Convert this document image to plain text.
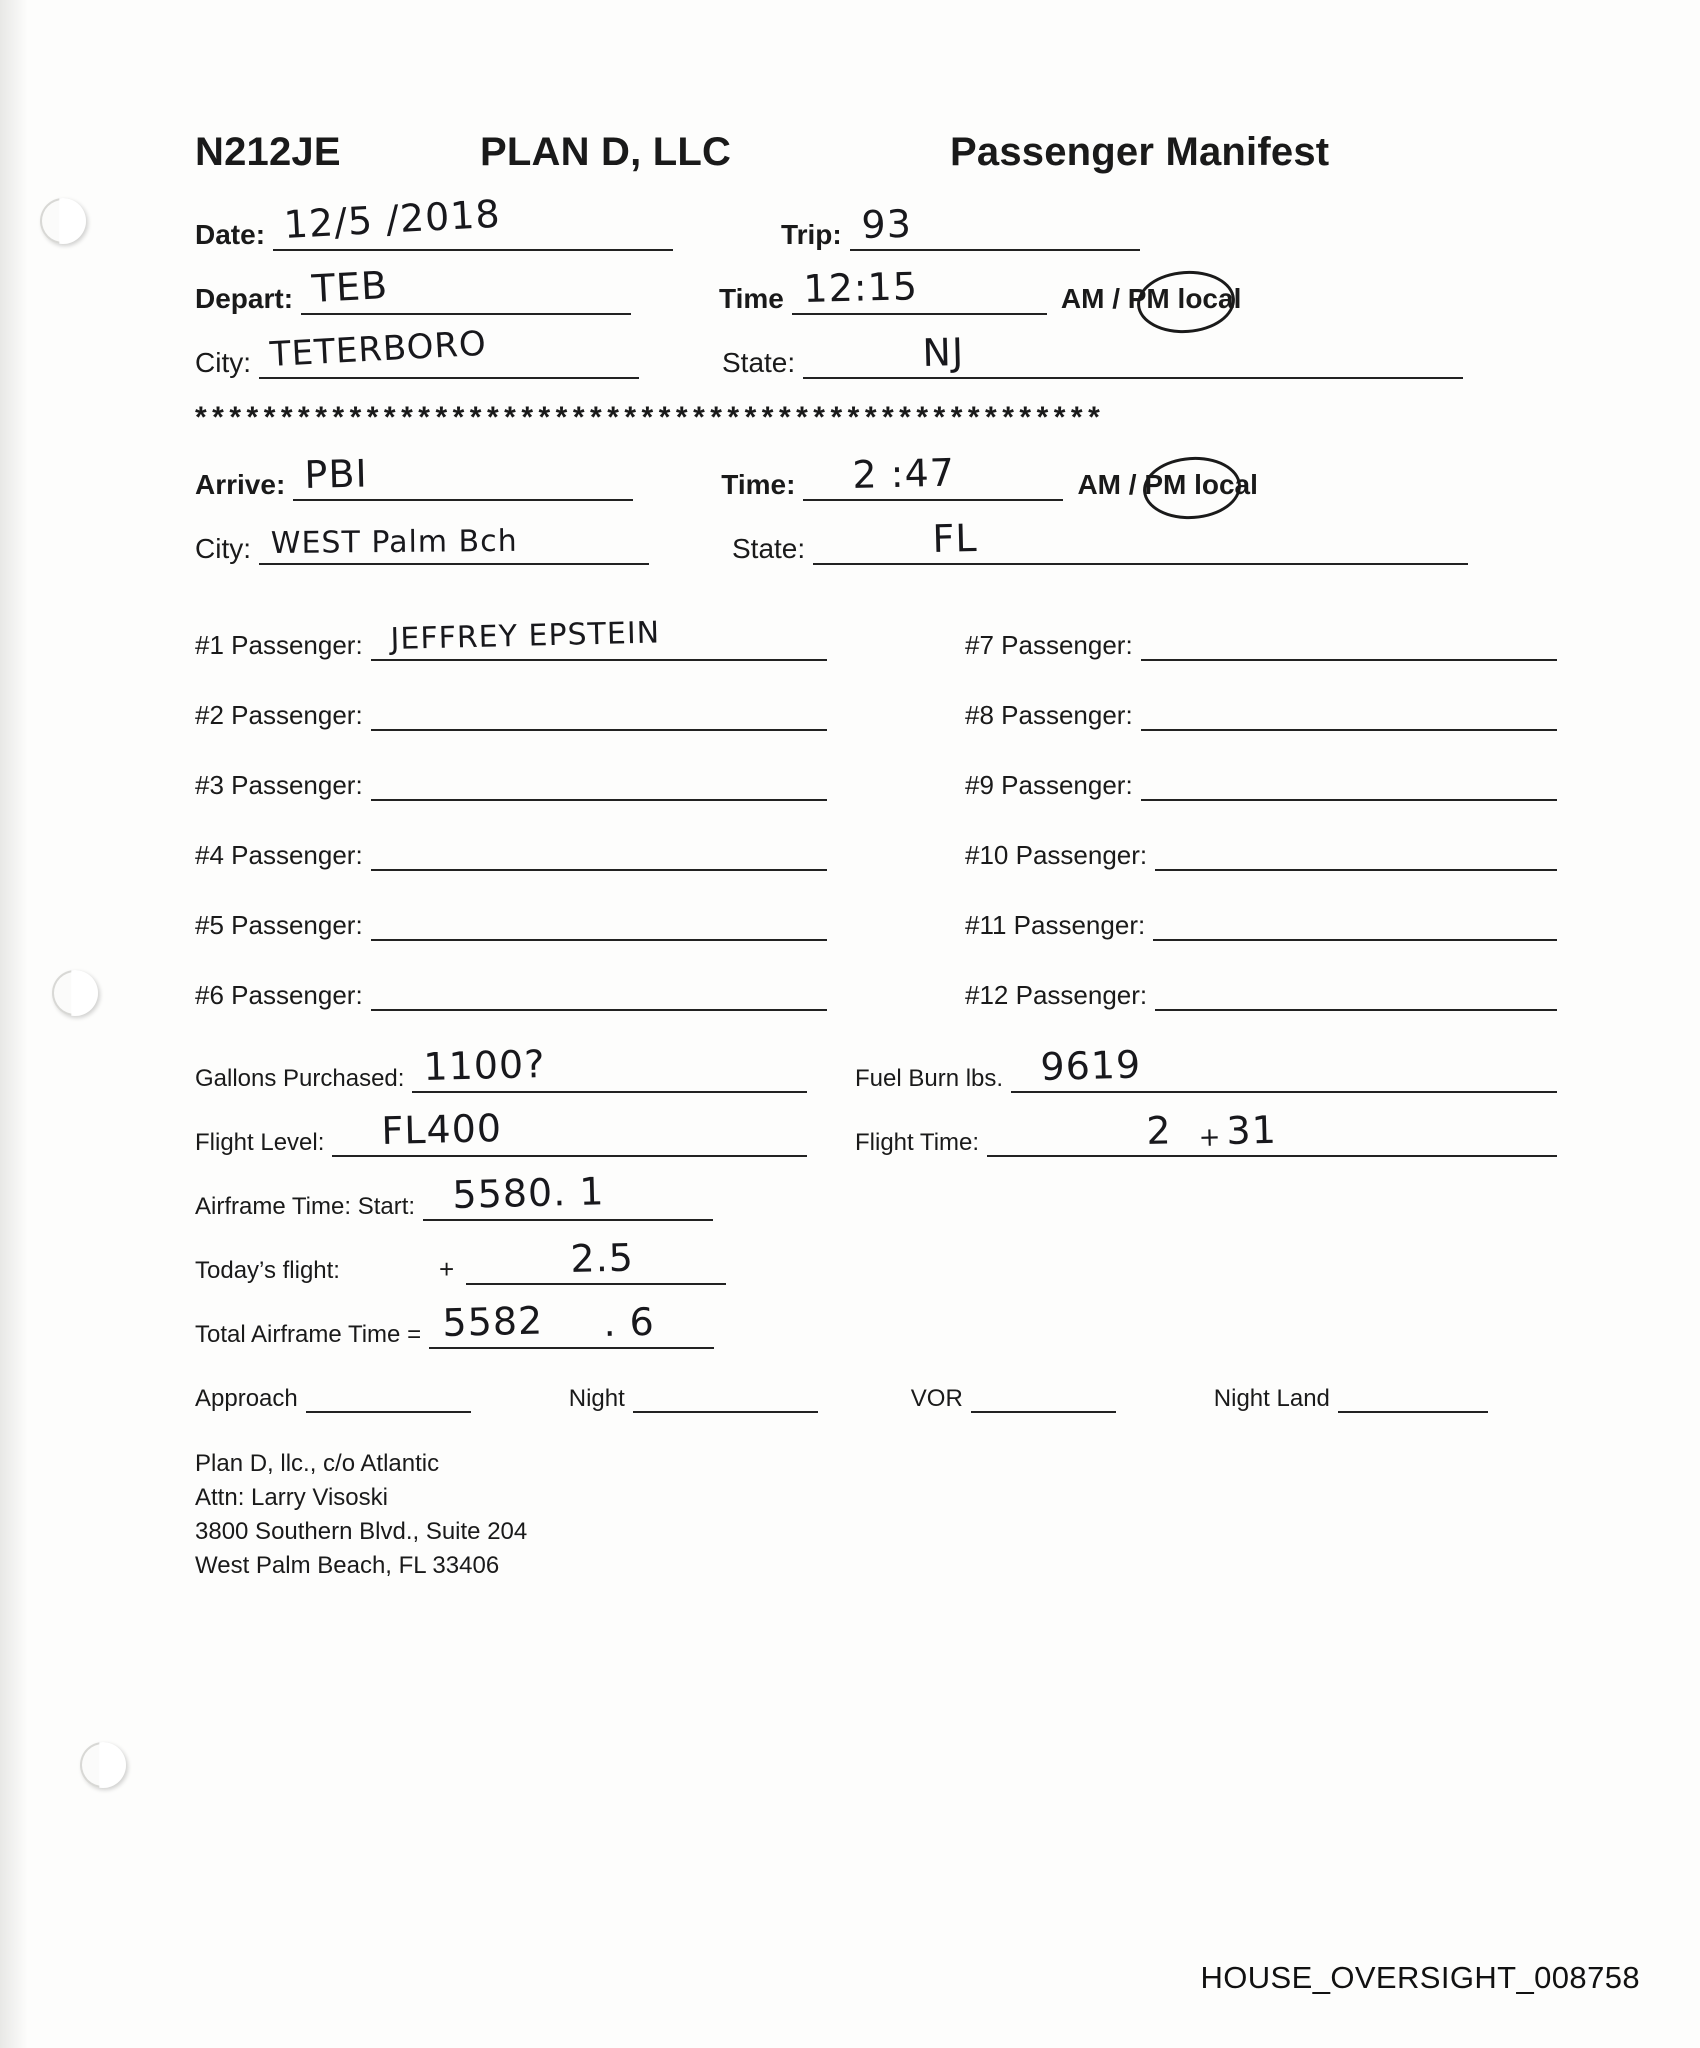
N212JE	PLAN D, LLC	Passenger Manifest
Date: 12/5 /2018	Trip: 93
Depart: TEB	Time 12:15	AM / PM local
City: TETERBORO	State:	NJ
*****************************************************
Arrive: PBI	Time: 2 :47	AM / PM local
City: WEST Palm Bch	State:	FL
#1 Passenger: JEFFREY EPSTEIN	#7 Passenger:
#2 Passenger:	#8 Passenger:
#3 Passenger:	#9 Passenger:
#4 Passenger:	#10 Passenger:
#5 Passenger:	#11 Passenger:
#6 Passenger:	#12 Passenger:
Gallons Purchased: 1100?	Fuel Burn lbs. 9619
Flight Level: FL400	Flight Time:	2 + 31
Airframe Time: Start: 5580. 1
Today’s flight:	+	2.5
Total Airframe Time = 5582 . 6
Approach	Night	VOR	Night Land
Plan D, llc., c/o Atlantic
Attn: Larry Visoski
3800 Southern Blvd., Suite 204
West Palm Beach, FL 33406
HOUSE_OVERSIGHT_008758
